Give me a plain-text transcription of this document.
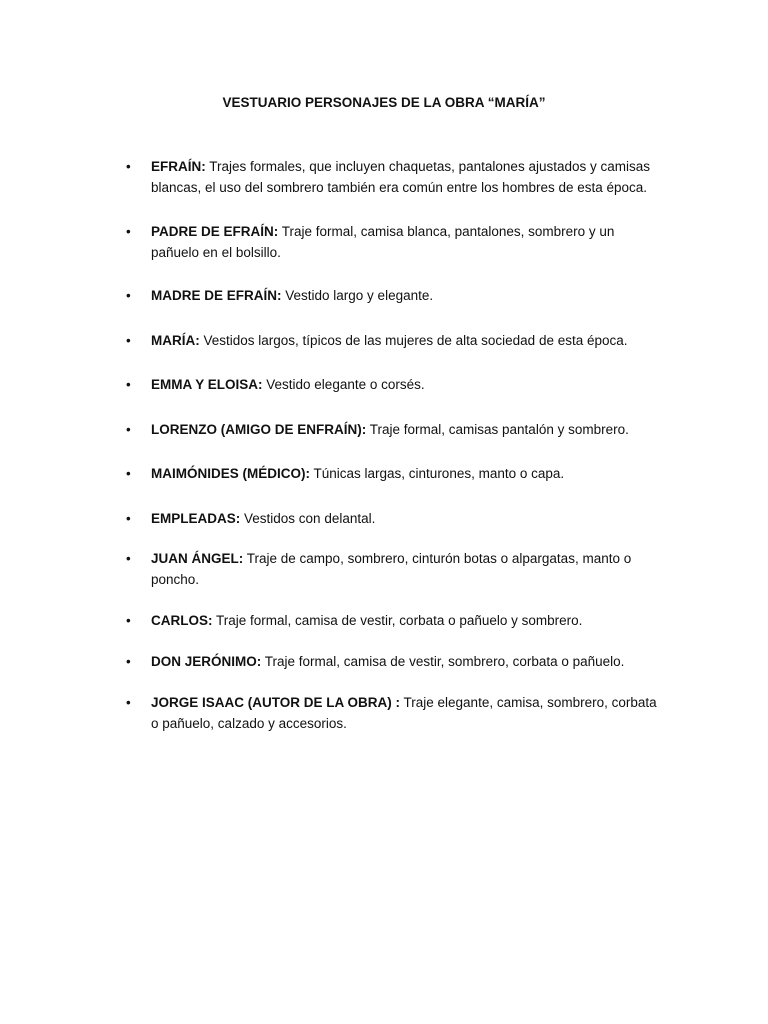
VESTUARIO PERSONAJES DE LA OBRA “MARÍA”
• EFRAÍN: Trajes formales, que incluyen chaquetas, pantalones ajustados y camisas blancas, el uso del sombrero también era común entre los hombres de esta época.
• PADRE DE EFRAÍN: Traje formal, camisa blanca, pantalones, sombrero y un pañuelo en el bolsillo.
• MADRE DE EFRAÍN: Vestido largo y elegante.
• MARÍA: Vestidos largos, típicos de las mujeres de alta sociedad de esta época.
• EMMA Y ELOISA: Vestido elegante o corsés.
• LORENZO (AMIGO DE ENFRAÍN): Traje formal, camisas pantalón y sombrero.
• MAIMÓNIDES (MÉDICO): Túnicas largas, cinturones, manto o capa.
• EMPLEADAS: Vestidos con delantal.
• JUAN ÁNGEL: Traje de campo, sombrero, cinturón botas o alpargatas, manto o poncho.
• CARLOS: Traje formal, camisa de vestir, corbata o pañuelo y sombrero.
• DON JERÓNIMO: Traje formal, camisa de vestir, sombrero, corbata o pañuelo.
• JORGE ISAAC (AUTOR DE LA OBRA) : Traje elegante, camisa, sombrero, corbata o pañuelo, calzado y accesorios.
